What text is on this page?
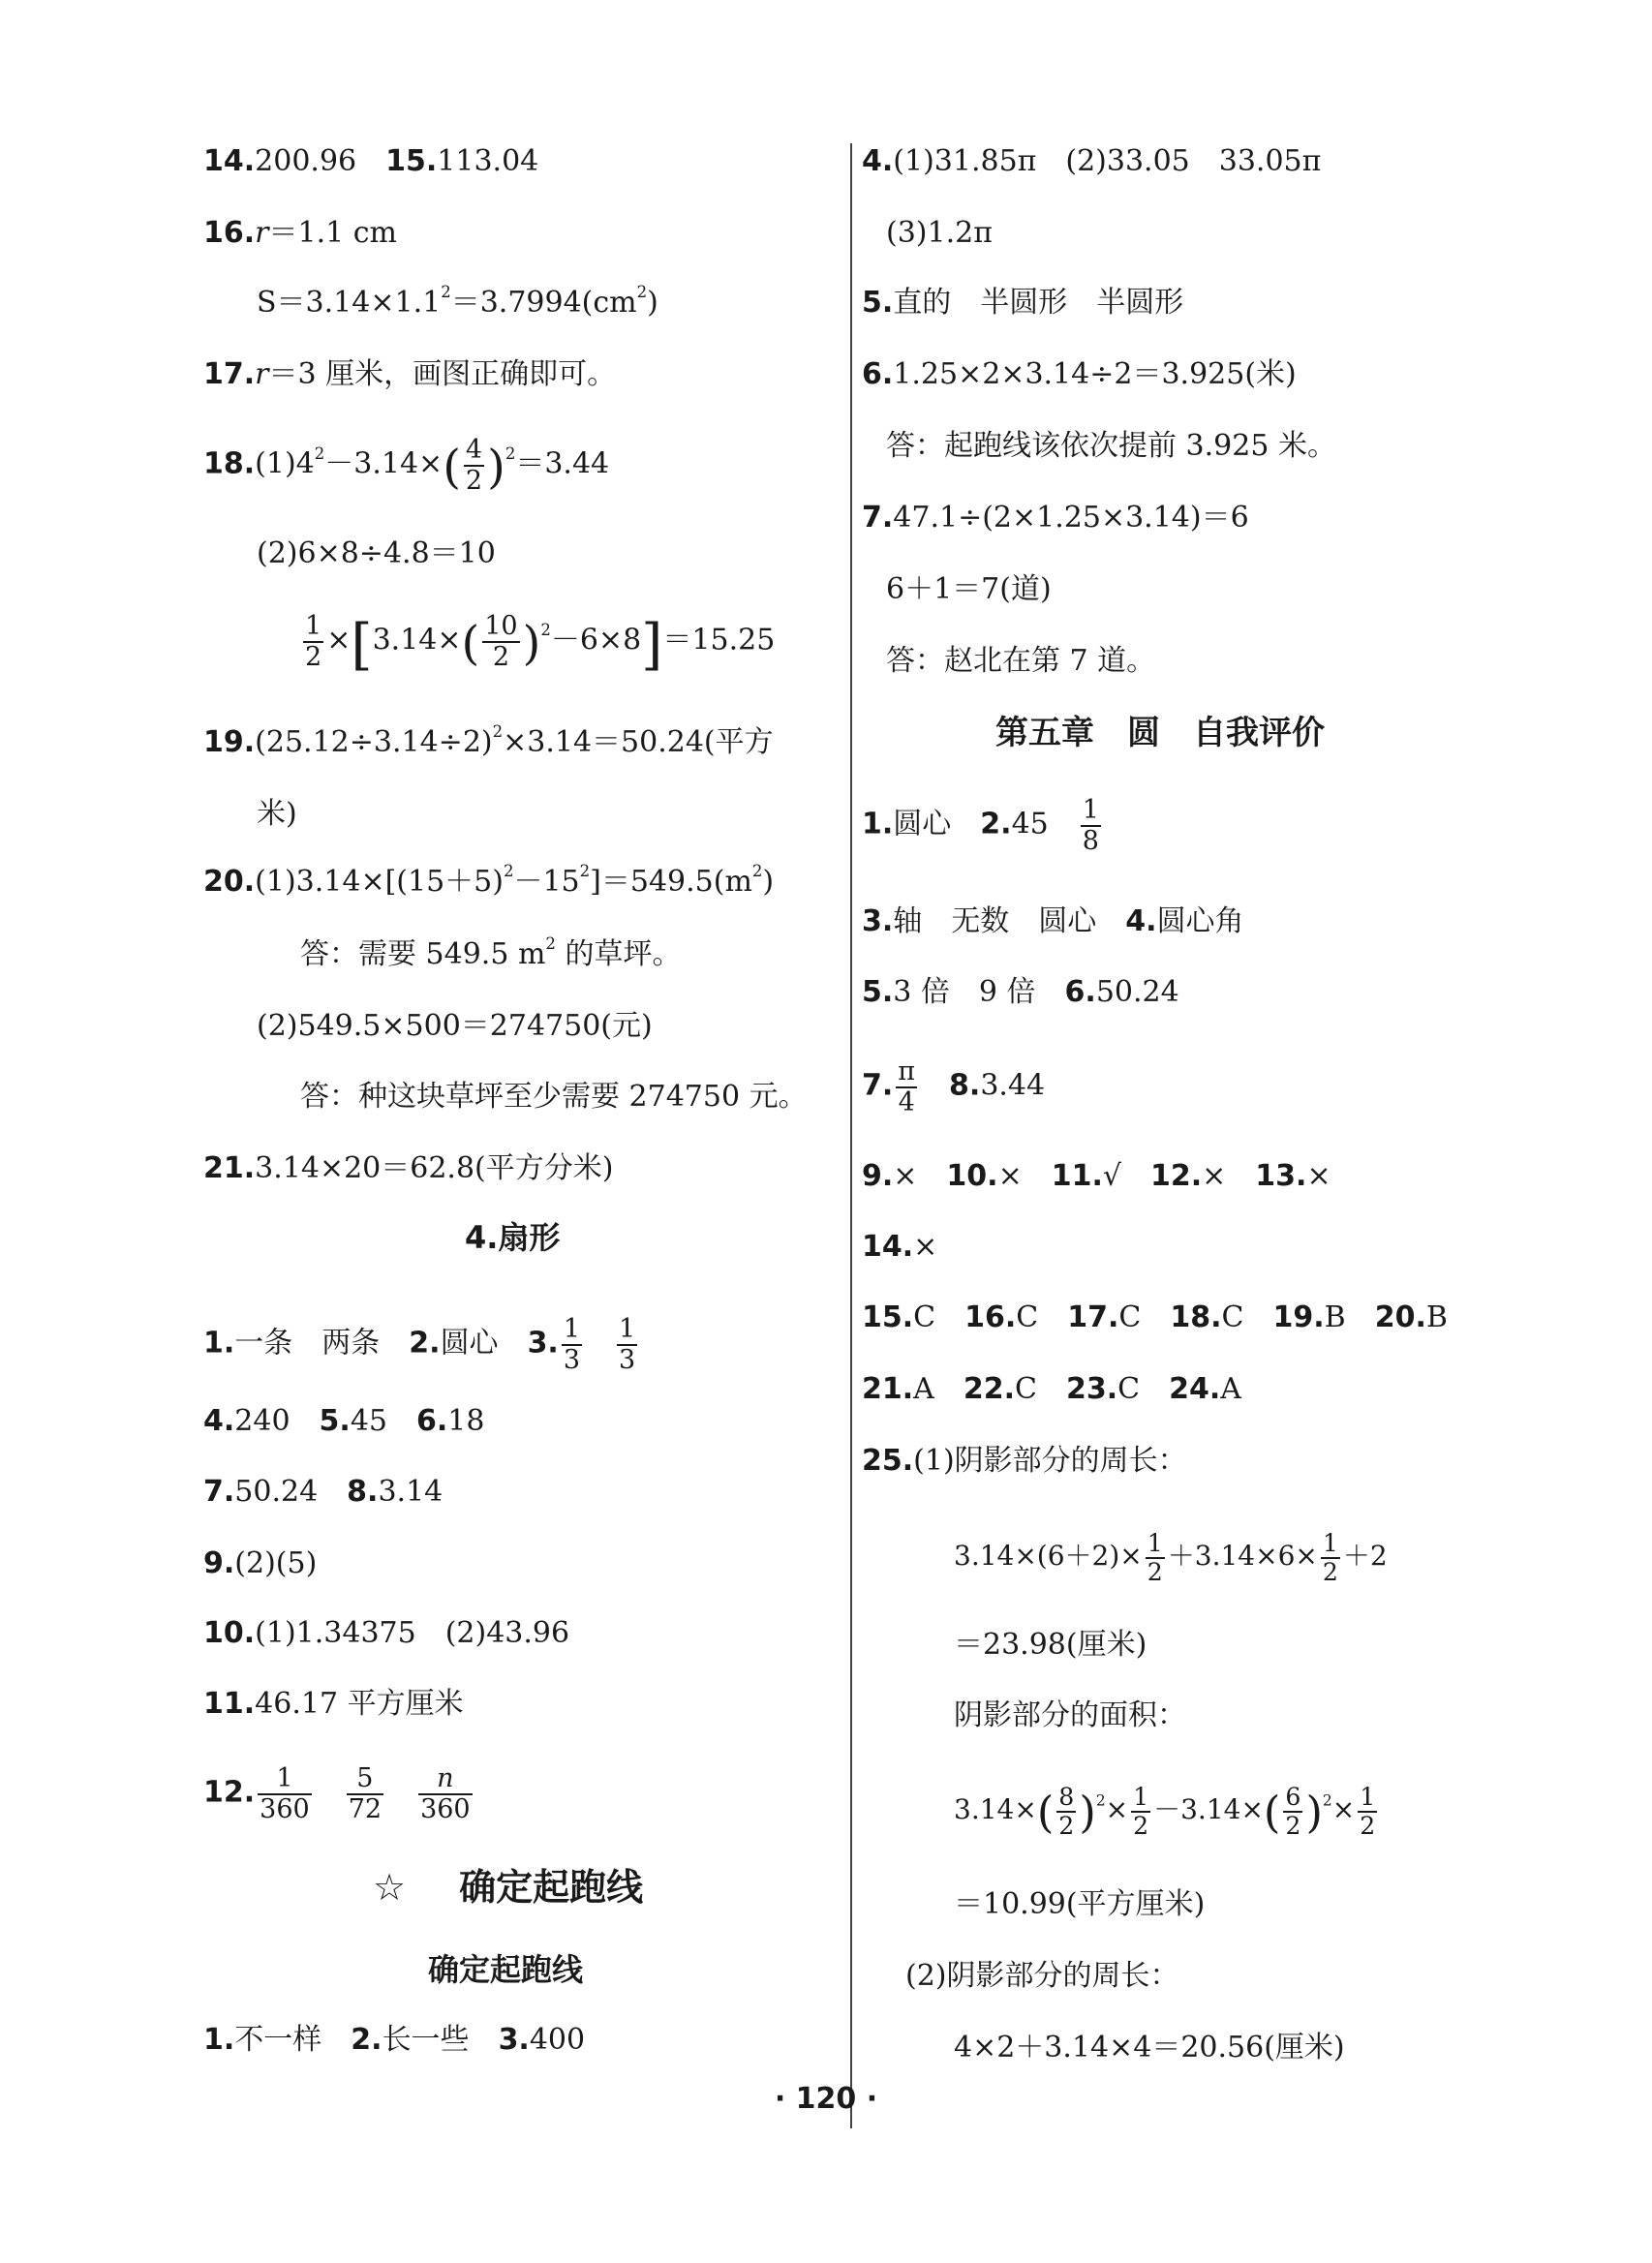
14.200.96 15.113.04
16.r＝1.1 cm
$S=3.14\times 1.1^2=3.7994(cm^2)$
17.r＝3 厘米，画图正确即可。
$18.(1)4^2-3.14\times( \frac{4}{2} )^2=3.44$
(2)6×8÷4.8＝10
$\frac{1}{2} \times[3.14\times( \frac{10}{2} )^2-6\times 8]=15.25$
$19.(25.12\div 3.14\div 2)^2\times 3.14=50.24$(平方
米)
$20.(1)3.14\times[(15+5)^2-15^2]=549.5(m^2)$
答：需要 549.5 $m^2$ 的草坪。
(2)549.5×500＝274750(元)
答：种这块草坪至少需要 274750 元。
21.3.14×20＝62.8(平方分米)
4.扇形
1.一条　两条 2.圆心 3. $\frac{1}{3} \frac{1}{3}$
4.240 5.45 6.18
7.50.24 8.3.14
9.(2)(5)
10.(1)1.34375　(2)43.96
11.46.17 平方厘米
12. $\frac{1}{360} \frac{5}{72} \frac{n}{360}$
☆ 确定起跑线
确定起跑线
1.不一样 2.长一些 3.400
4.(1)31.85π　(2)33.05　33.05π
(3)1.2π
5.直的　半圆形　半圆形
6.1.25×2×3.14÷2＝3.925(米)
答：起跑线该依次提前 3.925 米。
7.47.1÷(2×1.25×3.14)＝6
6＋1＝7(道)
答：赵北在第 7 道。
第五章　圆　自我评价
1.圆心 $2.45 \frac{1}{8}$
3.轴　无数　圆心 4.圆心角
5.3 倍　9 倍 6.50.24
7. $\frac{\pi}{4} 8.3.44$
9.× 10.× 11.√ 12.× 13.×
14.×
15.C 16.C 17.C 18.C 19.B 20.B
21.A 22.C 23.C 24.A
25.(1)阴影部分的周长：
$3.14\times(6+2)\times \frac{1}{2} +3.14\times 6\times \frac{1}{2} +2$
＝23.98(厘米)
阴影部分的面积：
$3.14\times( \frac{8}{2} )^2\times \frac{1}{2} -3.14\times( \frac{6}{2} )^2\times \frac{1}{2}$
＝10.99(平方厘米)
(2)阴影部分的周长：
4×2＋3.14×4＝20.56(厘米)
· 120 ·
